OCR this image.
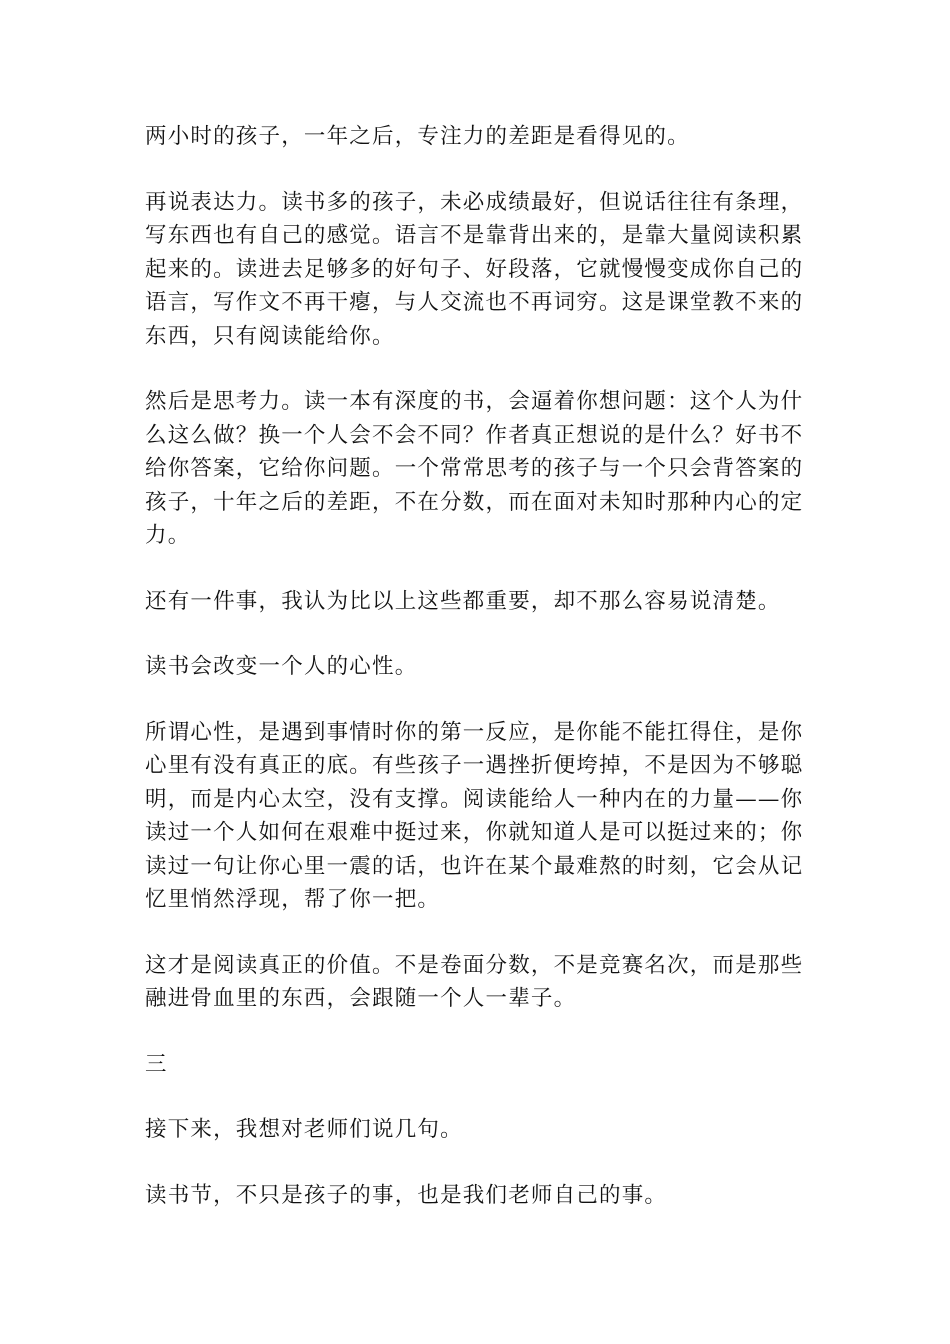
两小时的孩子，一年之后，专注力的差距是看得见的。

再说表达力。读书多的孩子，未必成绩最好，但说话往往有条理，
写东西也有自己的感觉。语言不是靠背出来的，是靠大量阅读积累
起来的。读进去足够多的好句子、好段落，它就慢慢变成你自己的
语言，写作文不再干瘪，与人交流也不再词穷。这是课堂教不来的
东西，只有阅读能给你。

然后是思考力。读一本有深度的书，会逼着你想问题：这个人为什
么这么做？换一个人会不会不同？作者真正想说的是什么？好书不
给你答案，它给你问题。一个常常思考的孩子与一个只会背答案的
孩子，十年之后的差距，不在分数，而在面对未知时那种内心的定
力。

还有一件事，我认为比以上这些都重要，却不那么容易说清楚。

读书会改变一个人的心性。

所谓心性，是遇到事情时你的第一反应，是你能不能扛得住，是你
心里有没有真正的底。有些孩子一遇挫折便垮掉，不是因为不够聪
明，而是内心太空，没有支撑。阅读能给人一种内在的力量——你
读过一个人如何在艰难中挺过来，你就知道人是可以挺过来的；你
读过一句让你心里一震的话，也许在某个最难熬的时刻，它会从记
忆里悄然浮现，帮了你一把。

这才是阅读真正的价值。不是卷面分数，不是竞赛名次，而是那些
融进骨血里的东西，会跟随一个人一辈子。

三

接下来，我想对老师们说几句。

读书节，不只是孩子的事，也是我们老师自己的事。
